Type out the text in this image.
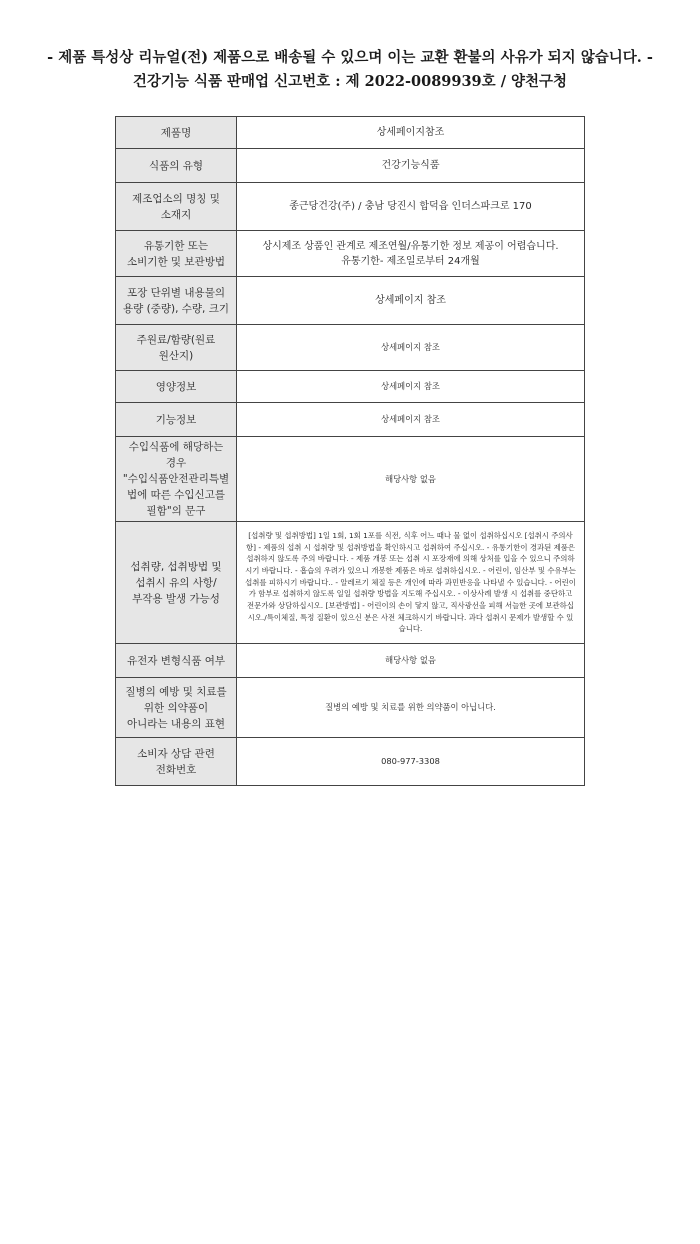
- 제품 특성상 리뉴얼(전) 제품으로 배송될 수 있으며 이는 교환 환불의 사유가 되지 않습니다. -
건강기능 식품 판매업 신고번호 : 제 2022-0089939호 / 양천구청
제품명	상세페이지참조
식품의 유형	건강기능식품
제조업소의 명칭 및 소재지	종근당건강(주) / 충남 당진시 합덕읍 인더스파크로 170
유통기한 또는 소비기한 및 보관방법	상시제조 상품인 관계로 제조연월/유통기한 정보 제공이 어렵습니다.
유통기한- 제조일로부터 24개월

포장 단위별 내용물의 용량 (중량), 수량, 크기	상세페이지 참조
주원료/함량(원료 원산지)	상세페이지 참조
영양정보	상세페이지 참조
기능정보	상세페이지 참조
수입식품에 해당하는 경우 "수입식품안전관리특별법에 따른 수입신고를 필함"의 문구	해당사항 없음
섭취량, 섭취방법 및 섭취시 유의 사항/부작용 발생 가능성	[섭취량 및 섭취방법] 1일 1회, 1회 1포를 식전, 식후 어느 때나 물 없이 섭취하십시오 [섭취시 주의사항] - 제품의 섭취 시 섭취량 및 섭취방법을 확인하시고 섭취하여 주십시오. - 유통기한이 경과된 제품은 섭취하지 않도록 주의 바랍니다. - 제품 개봉 또는 섭취 시 포장재에 의해 상처를 입을 수 있으니 주의하시기 바랍니다. - 흡습의 우려가 있으니 개봉한 제품은 바로 섭취하십시오. - 어린이, 임산부 및 수유부는 섭취를 피하시기 바랍니다.. - 알레르기 체질 등은 개인에 따라 과민반응을 나타낼 수 있습니다. - 어린이가 함부로 섭취하지 않도록 일일 섭취량 방법을 지도해 주십시오. - 이상사례 발생 시 섭취를 중단하고 전문가와 상담하십시오. [보관방법] - 어린이의 손이 닿지 않고, 직사광선을 피해 서늘한 곳에 보관하십시오./특이체질, 특정 질환이 있으신 분은 사전 체크하시기 바랍니다. 과다 섭취시 문제가 발생할 수 있습니다.
유전자 변형식품 여부	해당사항 없음
질병의 예방 및 치료를 위한 의약품이 아니라는 내용의 표현	질병의 예방 및 치료를 위한 의약품이 아닙니다.
소비자 상담 관련 전화번호	080-977-3308
